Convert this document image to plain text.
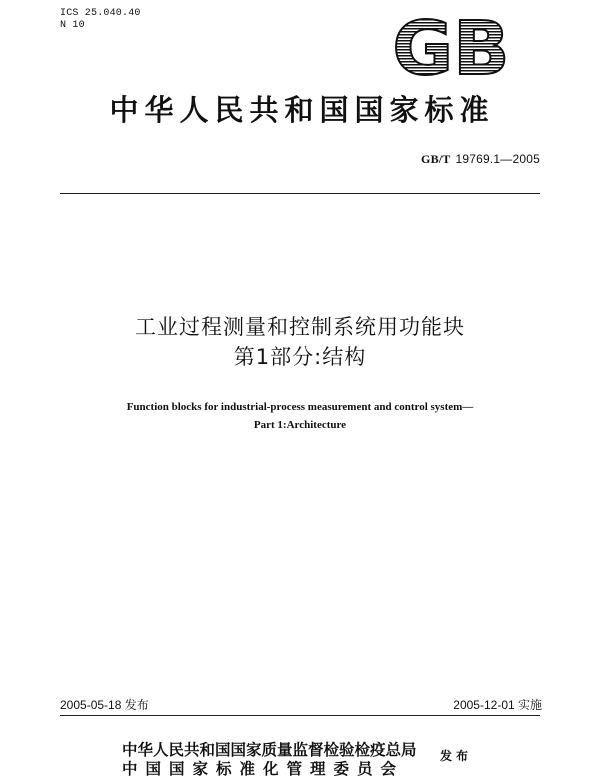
ICS 25.040.40
N 10	GB
中华人民共和国国家标准
GB/T 19769.1—2005
工业过程测量和控制系统用功能块
第1部分:结构
Function blocks for industrial-process measurement and control system—
Part 1:Architecture
2005-05-18 发布	2005-12-01 实施
中华人民共和国国家质量监督检验检疫总局
中国国家标准化管理委员会
发布
